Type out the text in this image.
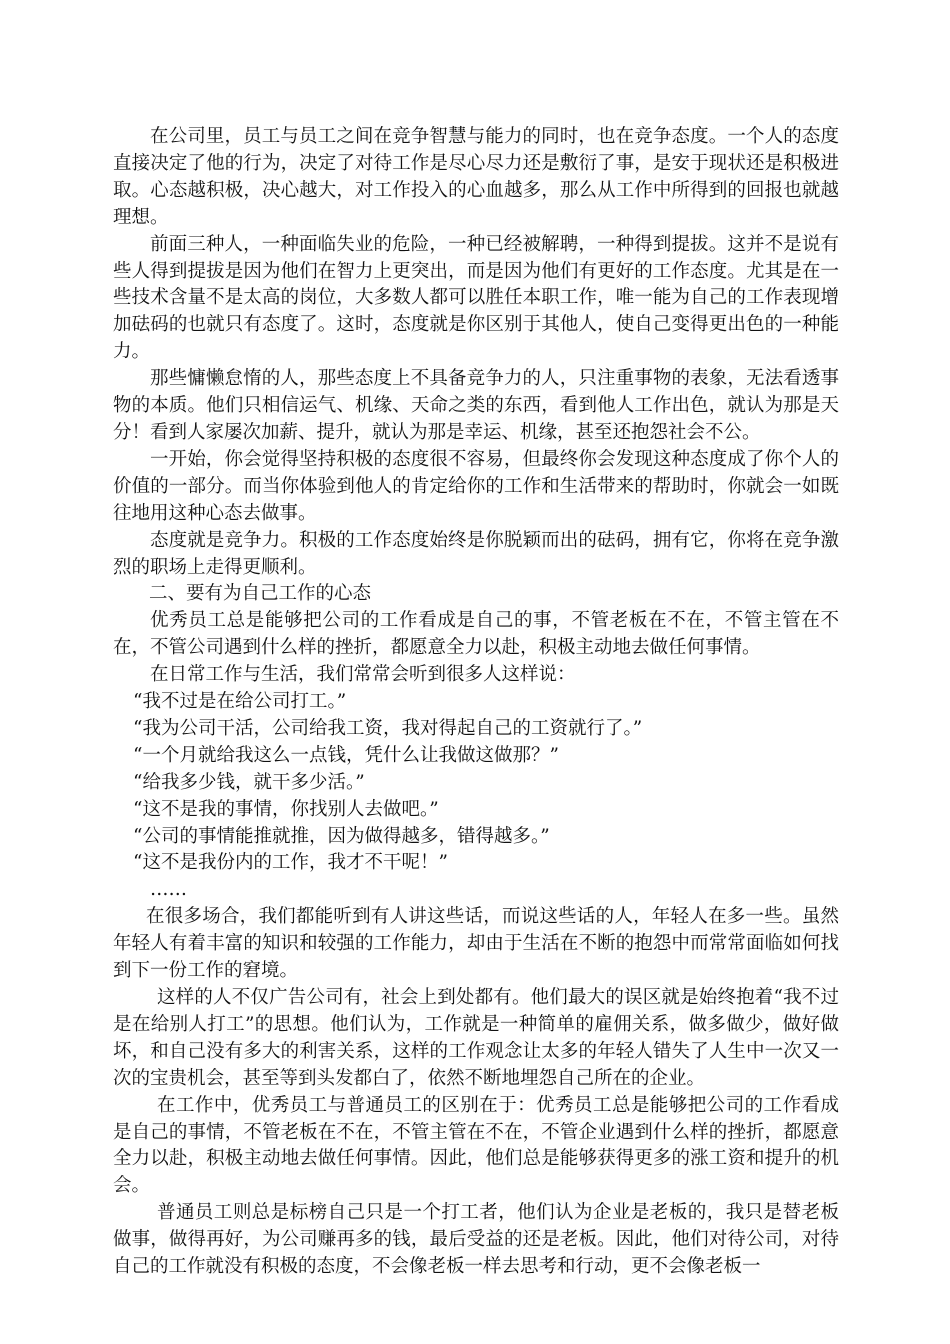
在公司里，员工与员工之间在竞争智慧与能力的同时，也在竞争态度。一个人的态度直接决定了他的行为，决定了对待工作是尽心尽力还是敷衍了事，是安于现状还是积极进取。心态越积极，决心越大，对工作投入的心血越多，那么从工作中所得到的回报也就越理想。

前面三种人，一种面临失业的危险，一种已经被解聘，一种得到提拔。这并不是说有些人得到提拔是因为他们在智力上更突出，而是因为他们有更好的工作态度。尤其是在一些技术含量不是太高的岗位，大多数人都可以胜任本职工作，唯一能为自己的工作表现增加砝码的也就只有态度了。这时，态度就是你区别于其他人，使自己变得更出色的一种能力。

那些慵懒怠惰的人，那些态度上不具备竞争力的人，只注重事物的表象，无法看透事物的本质。他们只相信运气、机缘、天命之类的东西，看到他人工作出色，就认为那是天分！看到人家屡次加薪、提升，就认为那是幸运、机缘，甚至还抱怨社会不公。

一开始，你会觉得坚持积极的态度很不容易，但最终你会发现这种态度成了你个人的价值的一部分。而当你体验到他人的肯定给你的工作和生活带来的帮助时，你就会一如既往地用这种心态去做事。

态度就是竞争力。积极的工作态度始终是你脱颖而出的砝码，拥有它，你将在竞争激烈的职场上走得更顺利。

二、要有为自己工作的心态

优秀员工总是能够把公司的工作看成是自己的事，不管老板在不在，不管主管在不在，不管公司遇到什么样的挫折，都愿意全力以赴，积极主动地去做任何事情。

在日常工作与生活，我们常常会听到很多人这样说：

“我不过是在给公司打工。”

“我为公司干活，公司给我工资，我对得起自己的工资就行了。”

“一个月就给我这么一点钱，凭什么让我做这做那？”

“给我多少钱，就干多少活。”

“这不是我的事情，你找别人去做吧。”

“公司的事情能推就推，因为做得越多，错得越多。”

“这不是我份内的工作，我才不干呢！”

……

在很多场合，我们都能听到有人讲这些话，而说这些话的人，年轻人在多一些。虽然年轻人有着丰富的知识和较强的工作能力，却由于生活在不断的抱怨中而常常面临如何找到下一份工作的窘境。

这样的人不仅广告公司有，社会上到处都有。他们最大的误区就是始终抱着“我不过是在给别人打工”的思想。他们认为，工作就是一种简单的雇佣关系，做多做少，做好做坏，和自己没有多大的利害关系，这样的工作观念让太多的年轻人错失了人生中一次又一次的宝贵机会，甚至等到头发都白了，依然不断地埋怨自己所在的企业。

在工作中，优秀员工与普通员工的区别在于：优秀员工总是能够把公司的工作看成是自己的事情，不管老板在不在，不管主管在不在，不管企业遇到什么样的挫折，都愿意全力以赴，积极主动地去做任何事情。因此，他们总是能够获得更多的涨工资和提升的机会。

普通员工则总是标榜自己只是一个打工者，他们认为企业是老板的，我只是替老板做事，做得再好，为公司赚再多的钱，最后受益的还是老板。因此，他们对待公司，对待自己的工作就没有积极的态度，不会像老板一样去思考和行动，更不会像老板一
